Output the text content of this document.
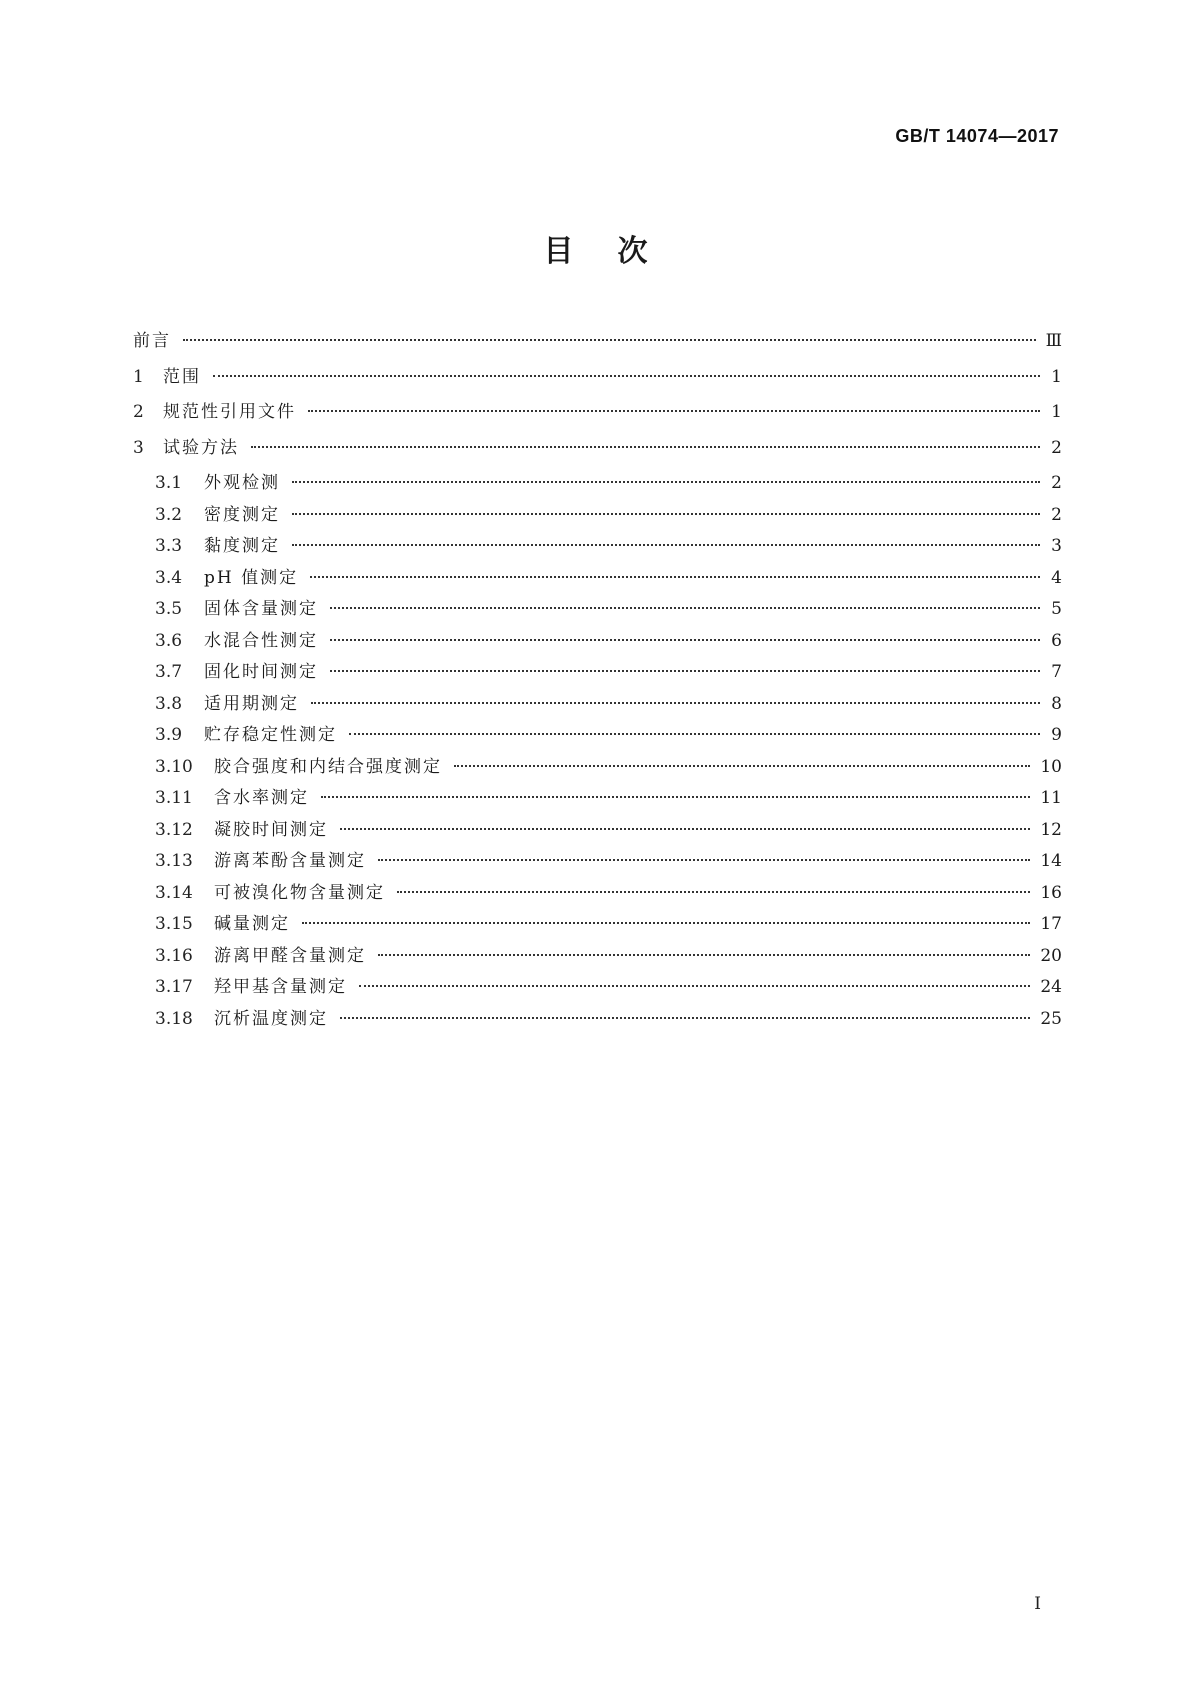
GB/T 14074—2017
目次
前言	Ⅲ
1	范围	1
2	规范性引用文件	1
3	试验方法	2
3.1	外观检测	2
3.2	密度测定	2
3.3	黏度测定	3
3.4	pH 值测定	4
3.5	固体含量测定	5
3.6	水混合性测定	6
3.7	固化时间测定	7
3.8	适用期测定	8
3.9	贮存稳定性测定	9
3.10	胶合强度和内结合强度测定	10
3.11	含水率测定	11
3.12	凝胶时间测定	12
3.13	游离苯酚含量测定	14
3.14	可被溴化物含量测定	16
3.15	碱量测定	17
3.16	游离甲醛含量测定	20
3.17	羟甲基含量测定	24
3.18	沉析温度测定	25
I
